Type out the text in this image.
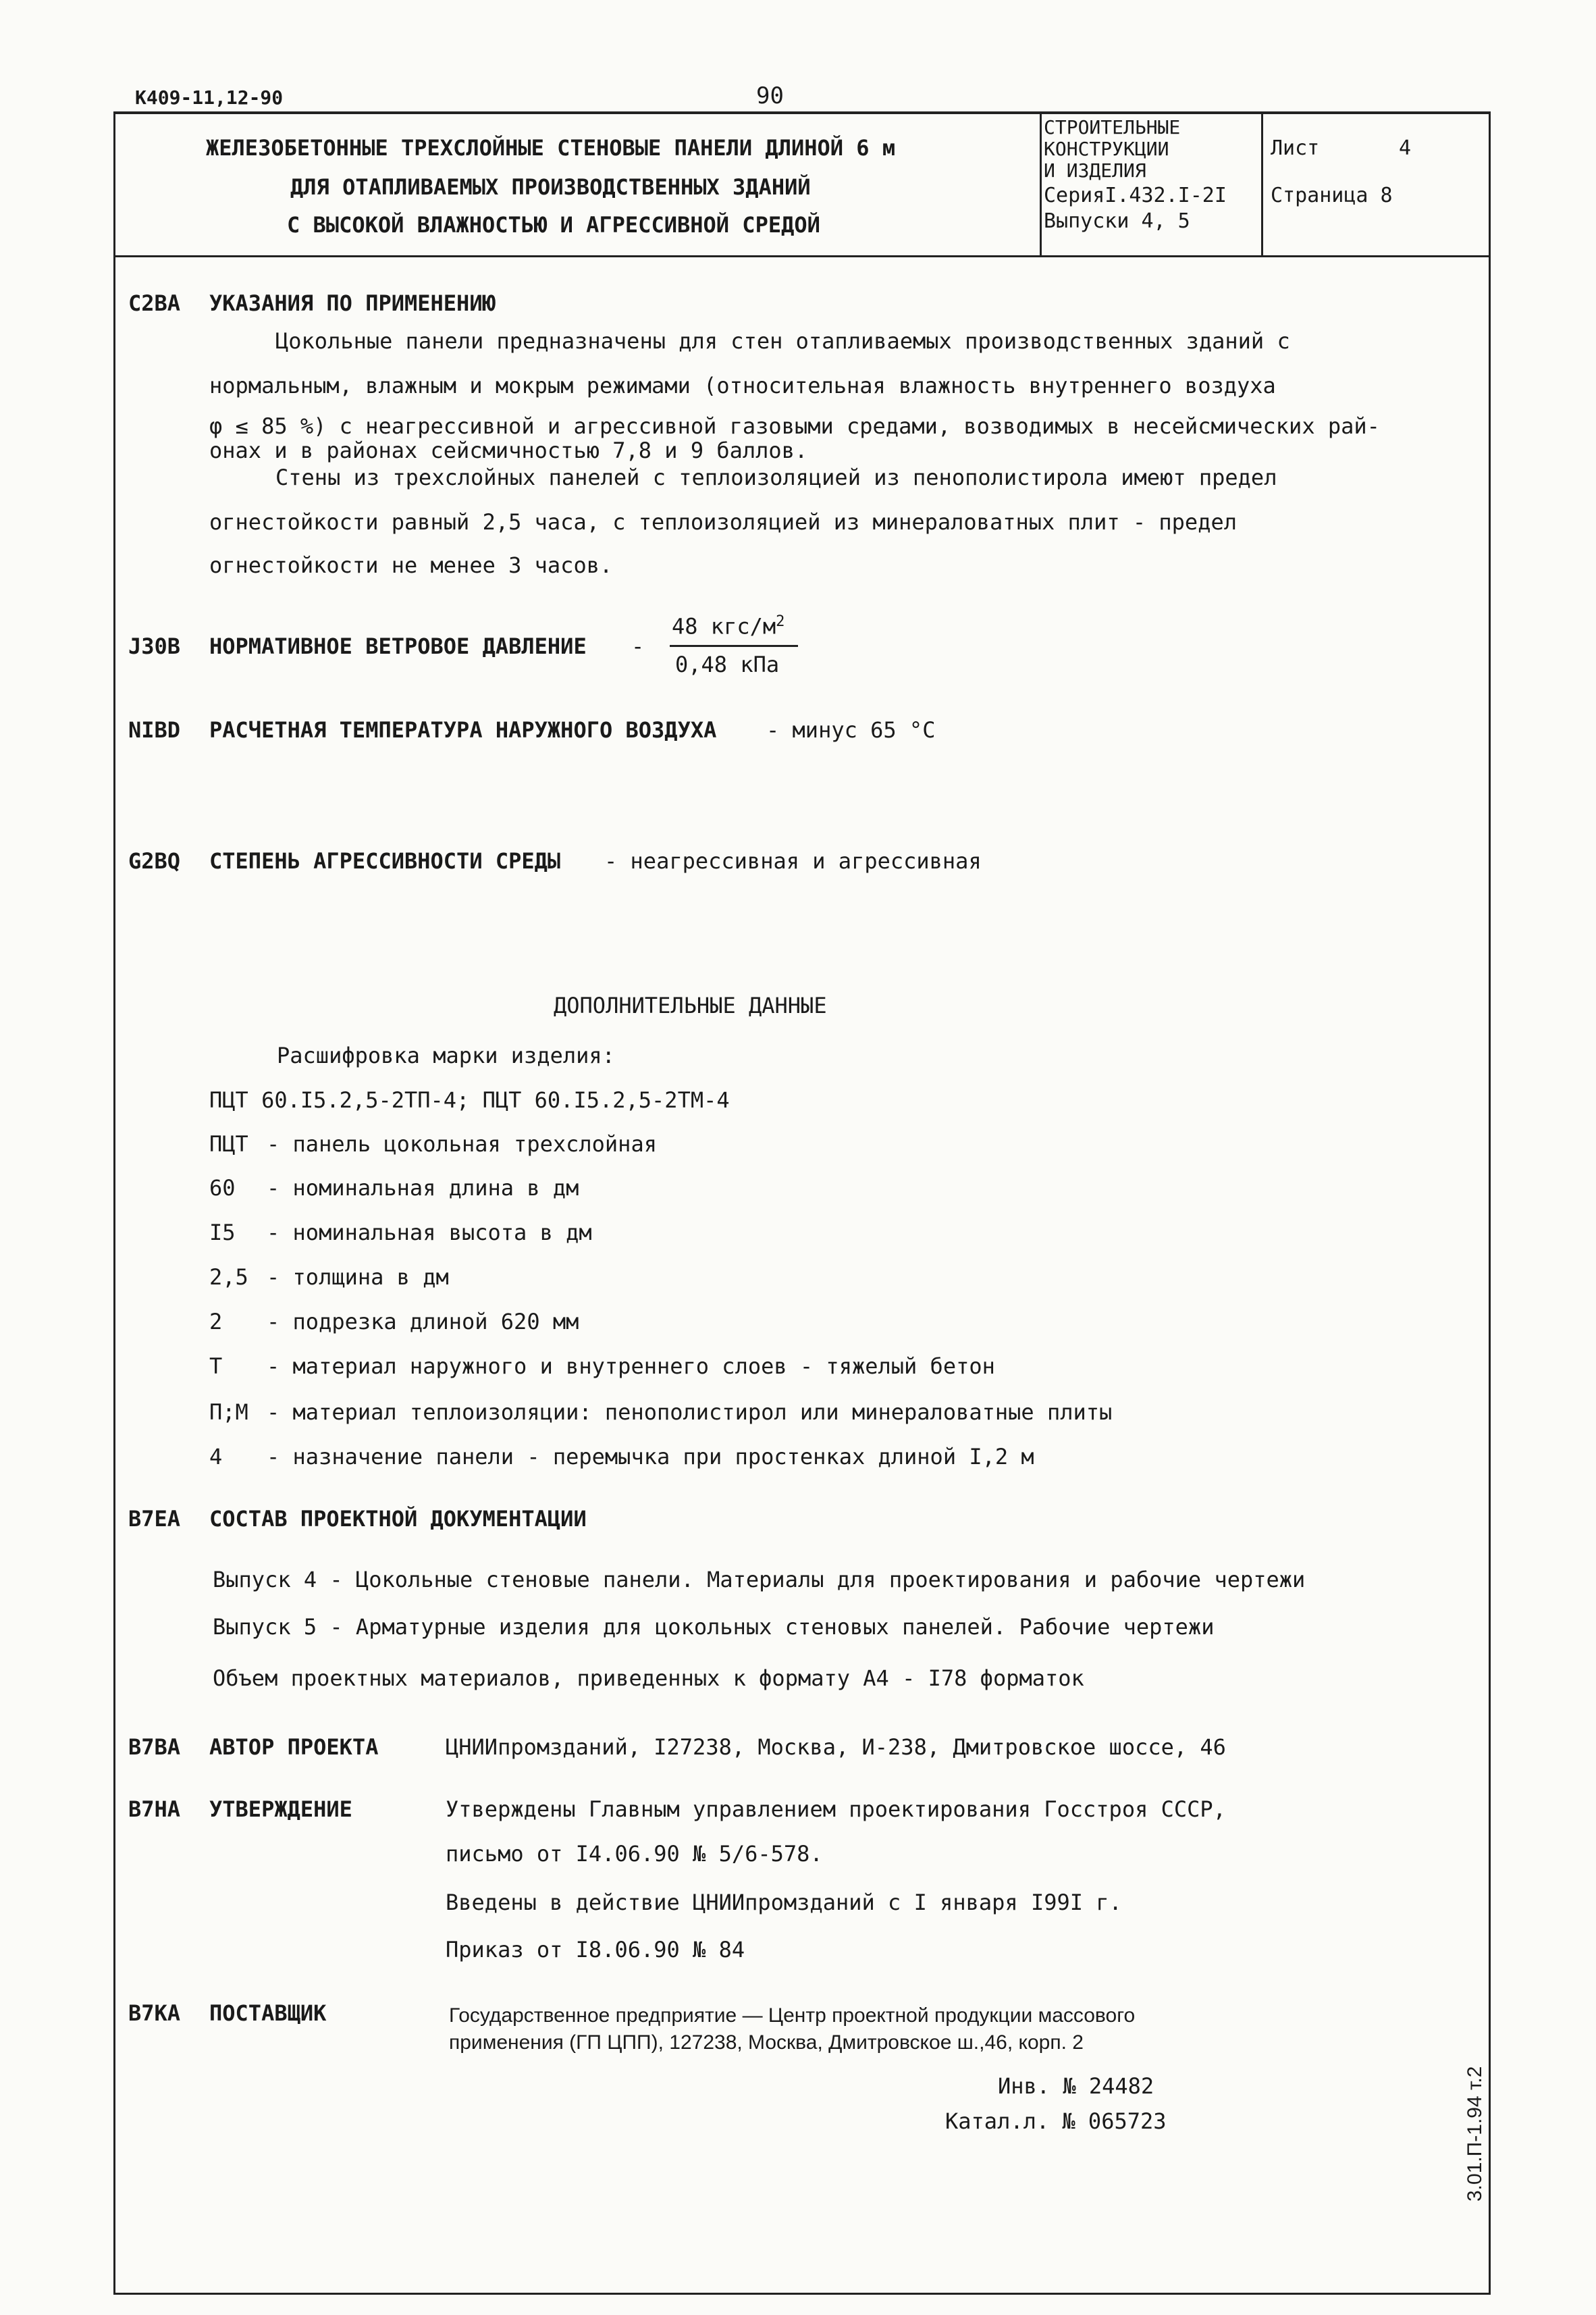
К409-11,12-90	90
ЖЕЛЕЗОБЕТОННЫЕ ТРЕХСЛОЙНЫЕ СТЕНОВЫЕ ПАНЕЛИ ДЛИНОЙ 6 м
ДЛЯ ОТАПЛИВАЕМЫХ ПРОИЗВОДСТВЕННЫХ ЗДАНИЙ
С ВЫСОКОЙ ВЛАЖНОСТЬЮ И АГРЕССИВНОЙ СРЕДОЙ
СТРОИТЕЛЬНЫЕ
КОНСТРУКЦИИ
И ИЗДЕЛИЯ
СерияI.432.I-2I
Выпуски 4, 5
Лист	4
Страница 8
C2BA УКАЗАНИЯ ПО ПРИМЕНЕНИЮ
Цокольные панели предназначены для стен отапливаемых производственных зданий с
нормальным, влажным и мокрым режимами (относительная влажность внутреннего воздуха
φ ≤ 85 %) с неагрессивной и агрессивной газовыми средами, возводимых в несейсмических рай-
онах и в районах сейсмичностью 7,8 и 9 баллов.
Стены из трехслойных панелей с теплоизоляцией из пенополистирола имеют предел
огнестойкости равный 2,5 часа, с теплоизоляцией из минераловатных плит - предел
огнестойкости не менее 3 часов.
J30B НОРМАТИВНОЕ ВЕТРОВОЕ ДАВЛЕНИЕ -
48 кгс/$м^2$
0,48 кПа
NIBD РАСЧЕТНАЯ ТЕМПЕРАТУРА НАРУЖНОГО ВОЗДУХА - минус 65 °С
G2BQ СТЕПЕНЬ АГРЕССИВНОСТИ СРЕДЫ - неагрессивная и агрессивная
ДОПОЛНИТЕЛЬНЫЕ ДАННЫЕ
Расшифровка марки изделия:
ПЦТ 60.I5.2,5-2ТП-4; ПЦТ 60.I5.2,5-2ТМ-4
ПЦТ - панель цокольная трехслойная
60 - номинальная длина в дм
I5 - номинальная высота в дм
2,5 - толщина в дм
2 - подрезка длиной 620 мм
Т - материал наружного и внутреннего слоев - тяжелый бетон
П;М - материал теплоизоляции: пенополистирол или минераловатные плиты
4 - назначение панели - перемычка при простенках длиной I,2 м
B7EA СОСТАВ ПРОЕКТНОЙ ДОКУМЕНТАЦИИ
Выпуск 4 - Цокольные стеновые панели. Материалы для проектирования и рабочие чертежи
Выпуск 5 - Арматурные изделия для цокольных стеновых панелей. Рабочие чертежи
Объем проектных материалов, приведенных к формату А4 - I78 форматок
B7BA АВТОР ПРОЕКТА	ЦНИИпромзданий, I27238, Москва, И-238, Дмитровское шоссе, 46
B7HA УТВЕРЖДЕНИЕ	Утверждены Главным управлением проектирования Госстроя СССР,
письмо от I4.06.90 № 5/6-578.
Введены в действие ЦНИИпромзданий с I января I99I г.
Приказ от I8.06.90 № 84
B7KA ПОСТАВЩИК	Государственное предприятие — Центр проектной продукции массового
применения (ГП ЦПП), 127238, Москва, Дмитровское ш.,46, корп. 2
Инв. № 24482
Катал.л. № 065723	3.01.П-1.94 т.2
